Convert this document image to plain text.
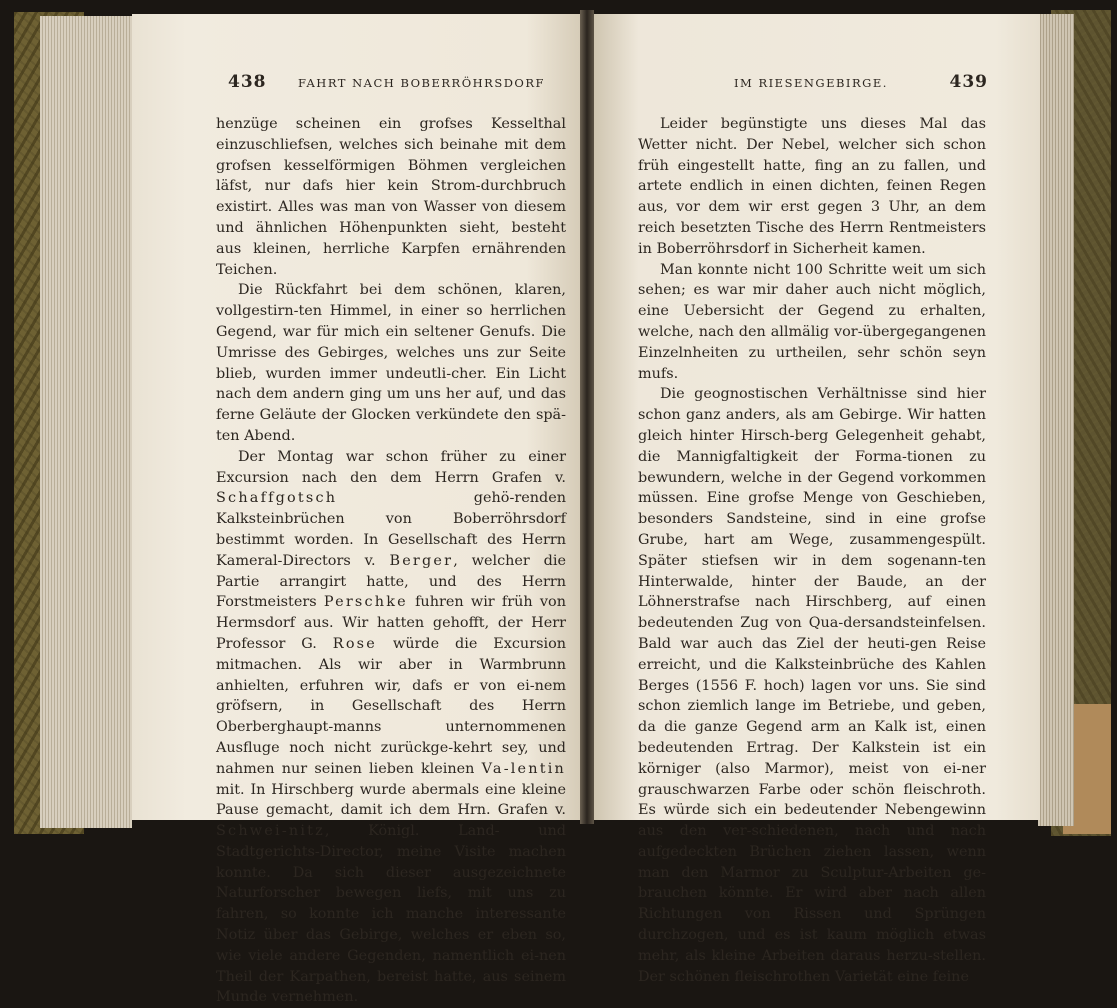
438	FAHRT NACH BOBERRÖHRSDORF

henzüge scheinen ein grofses Kesselthal einzuschliefsen, welches sich beinahe mit dem grofsen kesselförmigen Böhmen vergleichen läfst, nur dafs hier kein Strom-durchbruch existirt. Alles was man von Wasser von diesem und ähnlichen Höhenpunkten sieht, besteht aus kleinen, herrliche Karpfen ernährenden Teichen.

Die Rückfahrt bei dem schönen, klaren, vollgestirn-ten Himmel, in einer so herrlichen Gegend, war für mich ein seltener Genufs. Die Umrisse des Gebirges, welches uns zur Seite blieb, wurden immer undeutli-cher. Ein Licht nach dem andern ging um uns her auf, und das ferne Geläute der Glocken verkündete den spä-ten Abend.

Der Montag war schon früher zu einer Excursion nach den dem Herrn Grafen v. Schaffgotsch gehö-renden Kalksteinbrüchen von Boberröhrsdorf bestimmt worden. In Gesellschaft des Herrn Kameral-Directors v. Berger, welcher die Partie arrangirt hatte, und des Herrn Forstmeisters Perschke fuhren wir früh von Hermsdorf aus. Wir hatten gehofft, der Herr Professor G. Rose würde die Excursion mitmachen. Als wir aber in Warmbrunn anhielten, erfuhren wir, dafs er von ei-nem gröfsern, in Gesellschaft des Herrn Oberberghaupt-manns unternommenen Ausfluge noch nicht zurückge-kehrt sey, und nahmen nur seinen lieben kleinen Va-lentin mit. In Hirschberg wurde abermals eine kleine Pause gemacht, damit ich dem Hrn. Grafen v. Schwei-nitz, Königl. Land- und Stadtgerichts-Director, meine Visite machen konnte. Da sich dieser ausgezeichnete Naturforscher bewegen liefs, mit uns zu fahren, so konnte ich manche interessante Notiz über das Gebirge, welches er eben so, wie viele andere Gegenden, namentlich ei-nen Theil der Karpathen, bereist hatte, aus seinem Munde vernehmen.

IM RIESENGEBIRGE.	439

Leider begünstigte uns dieses Mal das Wetter nicht. Der Nebel, welcher sich schon früh eingestellt hatte, fing an zu fallen, und artete endlich in einen dichten, feinen Regen aus, vor dem wir erst gegen 3 Uhr, an dem reich besetzten Tische des Herrn Rentmeisters in Boberröhrsdorf in Sicherheit kamen.

Man konnte nicht 100 Schritte weit um sich sehen; es war mir daher auch nicht möglich, eine Uebersicht der Gegend zu erhalten, welche, nach den allmälig vor-übergegangenen Einzelnheiten zu urtheilen, sehr schön seyn mufs.

Die geognostischen Verhältnisse sind hier schon ganz anders, als am Gebirge. Wir hatten gleich hinter Hirsch-berg Gelegenheit gehabt, die Mannigfaltigkeit der Forma-tionen zu bewundern, welche in der Gegend vorkommen müssen. Eine grofse Menge von Geschieben, besonders Sandsteine, sind in eine grofse Grube, hart am Wege, zusammengespült. Später stiefsen wir in dem sogenann-ten Hinterwalde, hinter der Baude, an der Löhnerstrafse nach Hirschberg, auf einen bedeutenden Zug von Qua-dersandsteinfelsen. Bald war auch das Ziel der heuti-gen Reise erreicht, und die Kalksteinbrüche des Kahlen Berges (1556 F. hoch) lagen vor uns. Sie sind schon ziemlich lange im Betriebe, und geben, da die ganze Gegend arm an Kalk ist, einen bedeutenden Ertrag. Der Kalkstein ist ein körniger (also Marmor), meist von ei-ner grauschwarzen Farbe oder schön fleischroth. Es würde sich ein bedeutender Nebengewinn aus den ver-schiedenen, nach und nach aufgedeckten Brüchen ziehen lassen, wenn man den Marmor zu Sculptur-Arbeiten ge-brauchen könnte. Er wird aber nach allen Richtungen von Rissen und Sprüngen durchzogen, und es ist kaum möglich etwas mehr, als kleine Arbeiten daraus herzu-stellen. Der schönen fleischrothen Varietät eine feine
